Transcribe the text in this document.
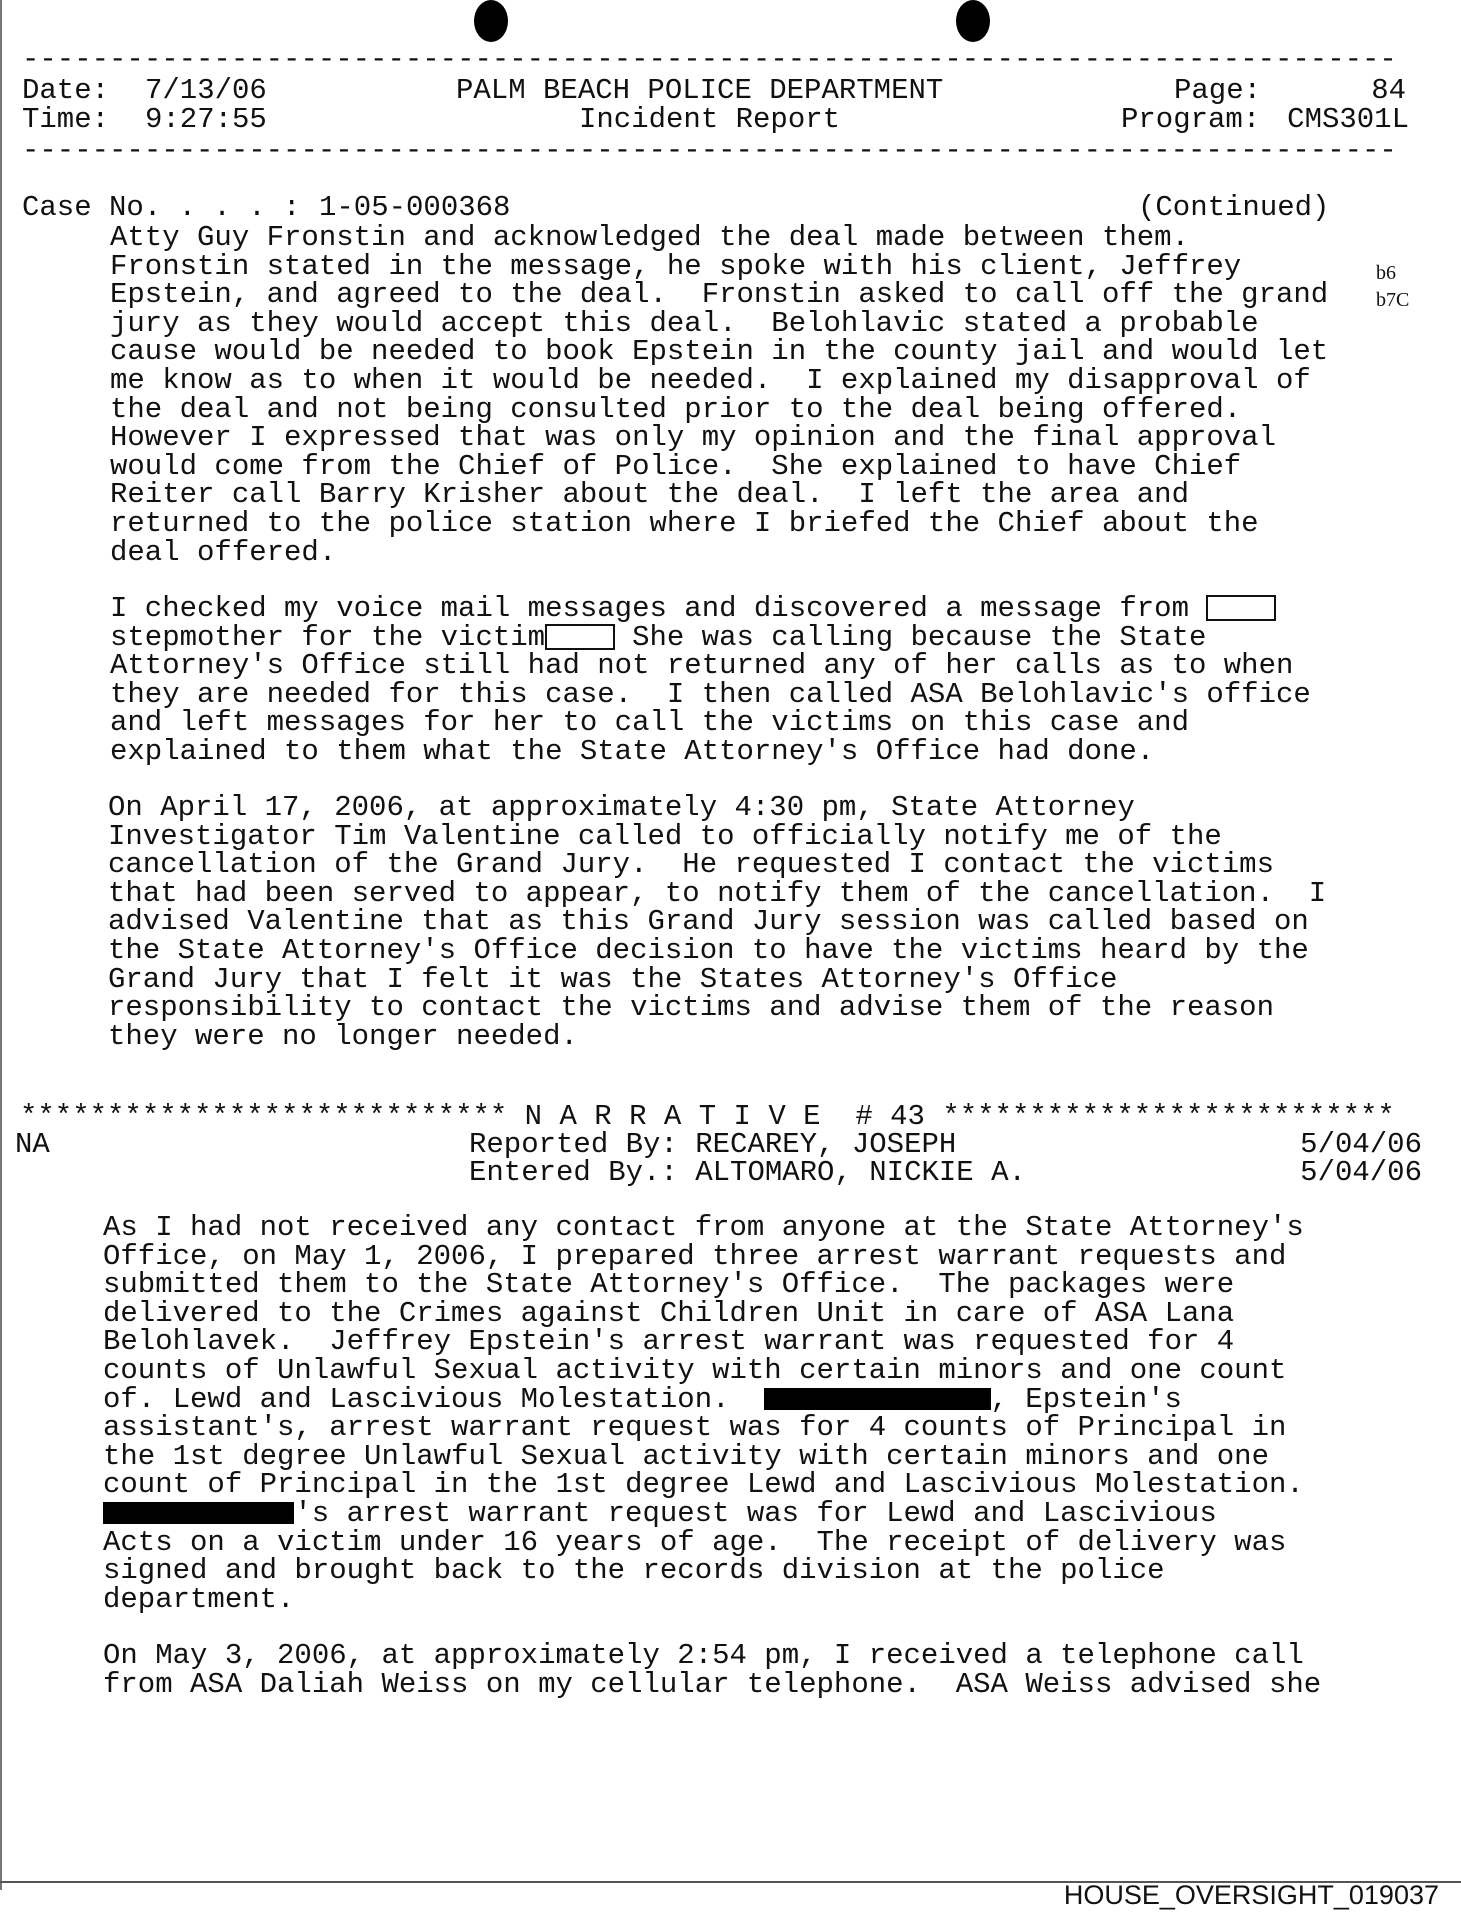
-------------------------------------------------------------------------------
Date: 7/13/06
Time: 9:27:55
PALM BEACH POLICE DEPARTMENT
Incident Report
Page:	84
Program: CMS301L
-------------------------------------------------------------------------------
Case No. . . . : 1-05-000368	(Continued)
b6
b7C
Atty Guy Fronstin and acknowledged the deal made between them.
Fronstin stated in the message, he spoke with his client, Jeffrey
Epstein, and agreed to the deal.  Fronstin asked to call off the grand
jury as they would accept this deal.  Belohlavic stated a probable
cause would be needed to book Epstein in the county jail and would let
me know as to when it would be needed.  I explained my disapproval of
the deal and not being consulted prior to the deal being offered.
However I expressed that was only my opinion and the final approval
would come from the Chief of Police.  She explained to have Chief
Reiter call Barry Krisher about the deal.  I left the area and
returned to the police station where I briefed the Chief about the
deal offered.
I checked my voice mail messages and discovered a message from [[B:4]]
stepmother for the victim [[B:4]] She was calling because the State
Attorney's Office still had not returned any of her calls as to when
they are needed for this case.  I then called ASA Belohlavic's office
and left messages for her to call the victims on this case and
explained to them what the State Attorney's Office had done.
On April 17, 2006, at approximately 4:30 pm, State Attorney
Investigator Tim Valentine called to officially notify me of the
cancellation of the Grand Jury.  He requested I contact the victims
that had been served to appear, to notify them of the cancellation.  I
advised Valentine that as this Grand Jury session was called based on
the State Attorney's Office decision to have the victims heard by the
Grand Jury that I felt it was the States Attorney's Office
responsibility to contact the victims and advise them of the reason
they were no longer needed.
**************************** N A R R A T I V E  # 43 **************************
NA	Reported By: RECAREY, JOSEPH	5/04/06
Entered By.: ALTOMARO, NICKIE A.	5/04/06
As I had not received any contact from anyone at the State Attorney's
Office, on May 1, 2006, I prepared three arrest warrant requests and
submitted them to the State Attorney's Office.  The packages were
delivered to the Crimes against Children Unit in care of ASA Lana
Belohlavek.  Jeffrey Epstein's arrest warrant was requested for 4
counts of Unlawful Sexual activity with certain minors and one count
of. Lewd and Lascivious Molestation.  [[R:13]]	, Epstein's
assistant's, arrest warrant request was for 4 counts of Principal in
the 1st degree Unlawful Sexual activity with certain minors and one
count of Principal in the 1st degree Lewd and Lascivious Molestation.
[[R:11]]	's arrest warrant request was for Lewd and Lascivious
Acts on a victim under 16 years of age.  The receipt of delivery was
signed and brought back to the records division at the police
department.
On May 3, 2006, at approximately 2:54 pm, I received a telephone call
from ASA Daliah Weiss on my cellular telephone.  ASA Weiss advised she
HOUSE_OVERSIGHT_019037
